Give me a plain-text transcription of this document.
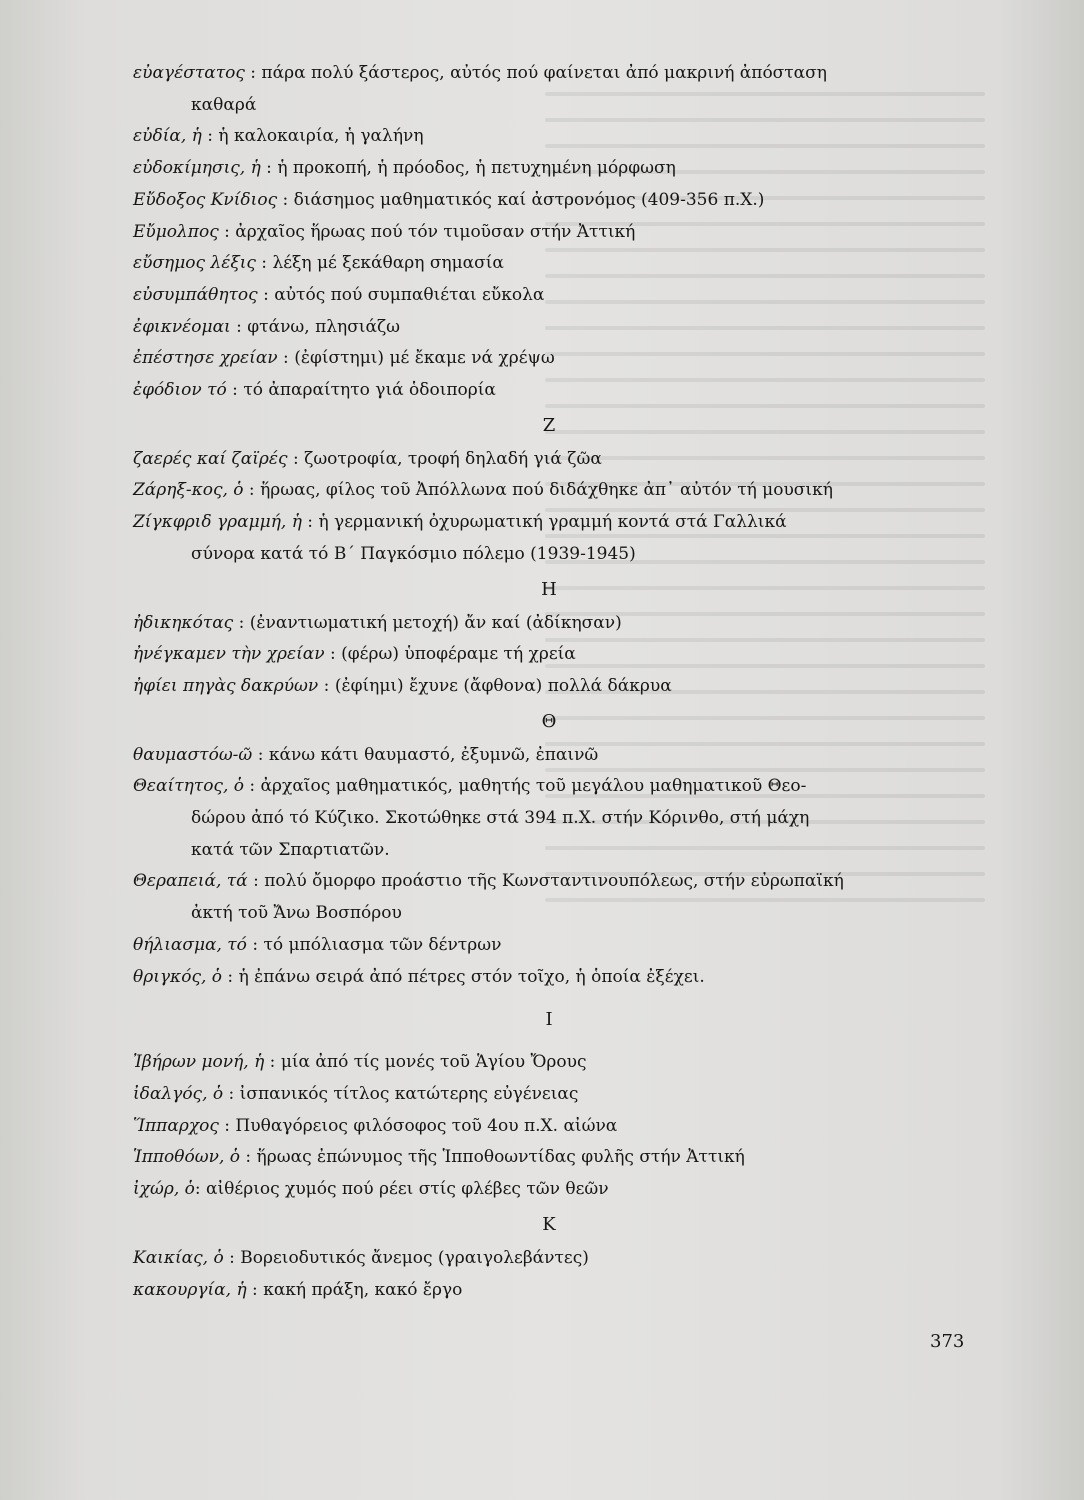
εὐαγέστατος : πάρα πολύ ξάστερος, αὐτός πού φαίνεται ἀπό μακρινή ἀπόσταση
καθαρά
εὐδία, ἡ : ἡ καλοκαιρία, ἡ γαλήνη
εὐδοκίμησις, ἡ : ἡ προκοπή, ἡ πρόοδος, ἡ πετυχημένη μόρφωση
Εὔδοξος Κνίδιος : διάσημος μαθηματικός καί ἀστρονόμος (409-356 π.Χ.)
Εὔμολπος : ἀρχαῖος ἥρωας πού τόν τιμοῦσαν στήν Ἀττική
εὔσημος λέξις : λέξη μέ ξεκάθαρη σημασία
εὐσυμπάθητος : αὐτός πού συμπαθιέται εὔκολα
ἐφικνέομαι : φτάνω, πλησιάζω
ἐπέστησε χρείαν : (ἐφίστημι) μέ ἔκαμε νά χρέψω
ἐφόδιον τό : τό ἀπαραίτητο γιά ὁδοιπορία
Ζ
ζαερές καί ζαϊρές : ζωοτροφία, τροφή δηλαδή γιά ζῶα
Ζάρηξ-κος, ὁ : ἥρωας, φίλος τοῦ Ἀπόλλωνα πού διδάχθηκε ἀπ᾽ αὐτόν τή μουσική
Ζίγκφριδ γραμμή, ἡ : ἡ γερμανική ὀχυρωματική γραμμή κοντά στά Γαλλικά
σύνορα κατά τό Β΄ Παγκόσμιο πόλεμο (1939-1945)
Η
ἠδικηκότας : (ἐναντιωματική μετοχή) ἄν καί (ἀδίκησαν)
ἠνέγκαμεν τὴν χρείαν : (φέρω) ὑποφέραμε τή χρεία
ἠφίει πηγὰς δακρύων : (ἐφίημι) ἔχυνε (ἄφθονα) πολλά δάκρυα
Θ
θαυμαστόω-ῶ : κάνω κάτι θαυμαστό, ἐξυμνῶ, ἐπαινῶ
Θεαίτητος, ὁ : ἀρχαῖος μαθηματικός, μαθητής τοῦ μεγάλου μαθηματικοῦ Θεο-
δώρου ἀπό τό Κύζικο. Σκοτώθηκε στά 394 π.Χ. στήν Κόρινθο, στή μάχη
κατά τῶν Σπαρτιατῶν.
Θεραπειά, τά : πολύ ὄμορφο προάστιο τῆς Κωνσταντινουπόλεως, στήν εὐρωπαϊκή
ἀκτή τοῦ Ἄνω Βοσπόρου
θήλιασμα, τό : τό μπόλιασμα τῶν δέντρων
θριγκός, ὁ : ἡ ἐπάνω σειρά ἀπό πέτρες στόν τοῖχο, ἡ ὁποία ἐξέχει.
Ι
Ἰβήρων μονή, ἡ : μία ἀπό τίς μονές τοῦ Ἁγίου Ὄρους
ἰδαλγός, ὁ : ἰσπανικός τίτλος κατώτερης εὐγένειας
Ἵππαρχος : Πυθαγόρειος φιλόσοφος τοῦ 4ου π.Χ. αἰώνα
Ἱπποθόων, ὁ : ἥρωας ἐπώνυμος τῆς Ἱπποθοωντίδας φυλῆς στήν Ἀττική
ἰχώρ, ὁ: αἰθέριος χυμός πού ρέει στίς φλέβες τῶν θεῶν
Κ
Καικίας, ὁ : Βορειοδυτικός ἄνεμος (γραιγολεβάντες)
κακουργία, ἡ : κακή πράξη, κακό ἔργο
373
